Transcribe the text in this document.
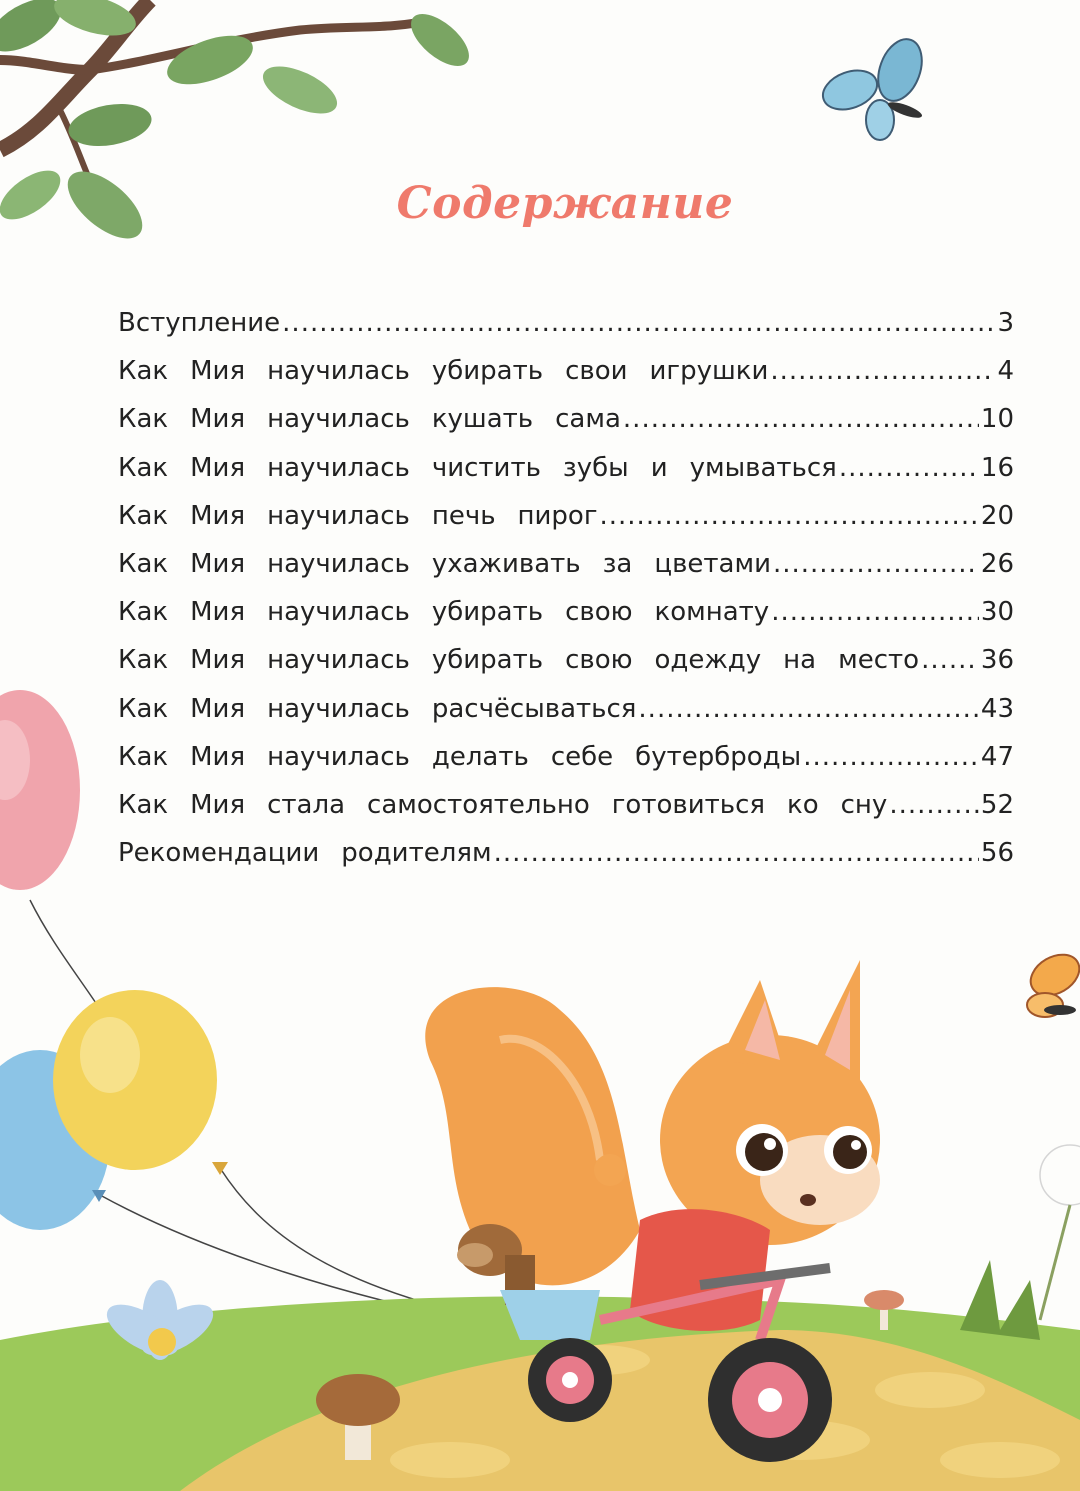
Содержание
Вступление .....	3
Как Мия научилась убирать свои игрушки .....	4
Как Мия научилась кушать сама .....	10
Как Мия научилась чистить зубы и умываться .....	16
Как Мия научилась печь пирог .....	20
Как Мия научилась ухаживать за цветами .....	26
Как Мия научилась убирать свою комнату .....	30
Как Мия научилась убирать свою одежду на место ..... 36
Как Мия научилась расчёсываться .....	43
Как Мия научилась делать себе бутерброды .....	47
Как Мия стала самостоятельно готовиться ко сну .....	52
Рекомендации родителям .....	56
